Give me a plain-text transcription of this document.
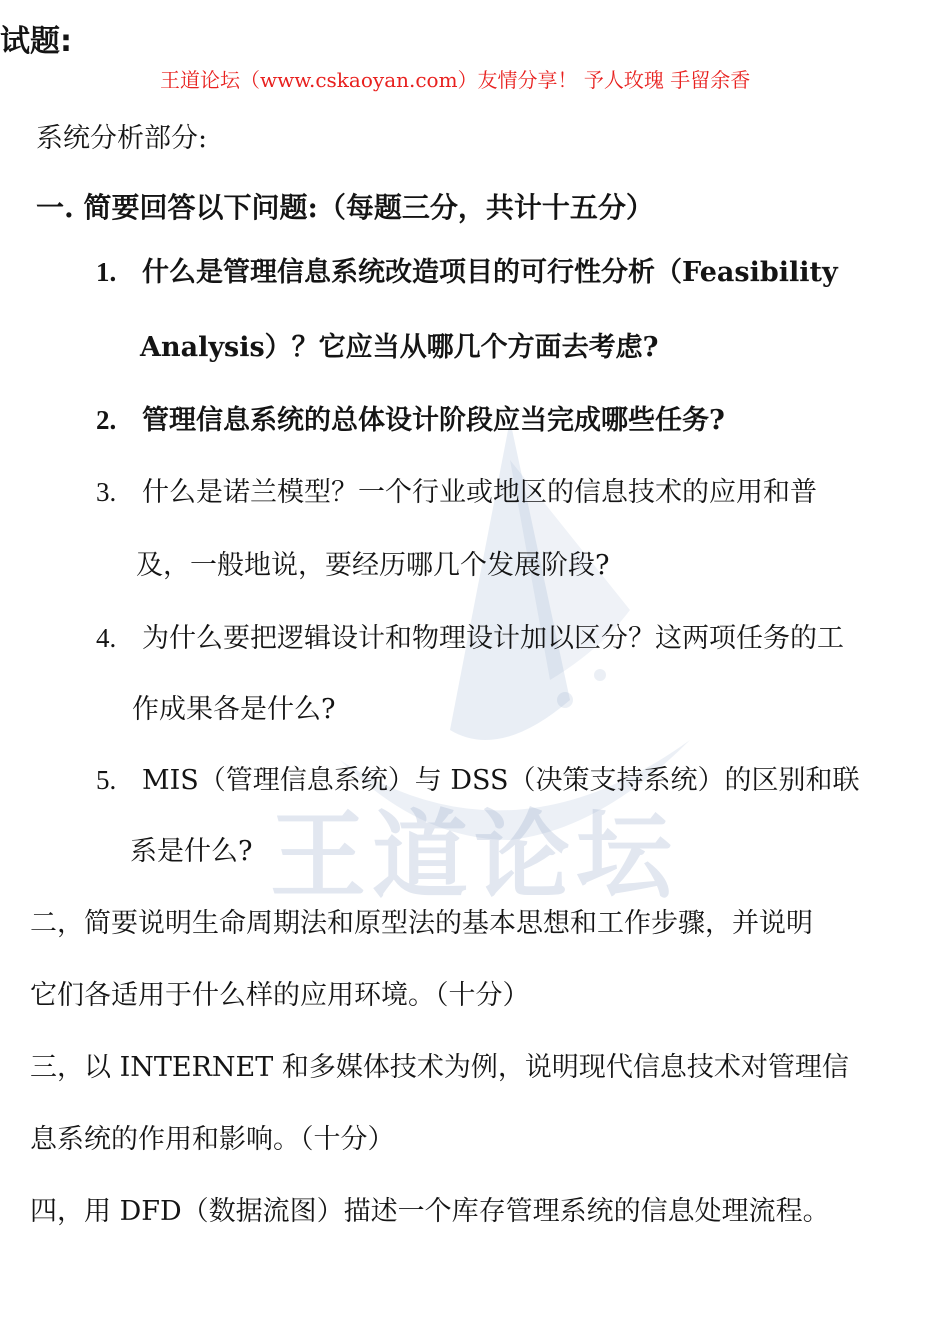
王道论坛
试题:
王道论坛（www.cskaoyan.com）友情分享！ 予人玫瑰 手留余香
系统分析部分:
一. 简要回答以下问题:（每题三分，共计十五分）
1. 什么是管理信息系统改造项目的可行性分析（Feasibility
Analysis）？它应当从哪几个方面去考虑?
2. 管理信息系统的总体设计阶段应当完成哪些任务?
3. 什么是诺兰模型？一个行业或地区的信息技术的应用和普
及，一般地说，要经历哪几个发展阶段?
4. 为什么要把逻辑设计和物理设计加以区分？这两项任务的工
作成果各是什么?
5. MIS（管理信息系统）与 DSS（决策支持系统）的区别和联
系是什么?
二，简要说明生命周期法和原型法的基本思想和工作步骤，并说明
它们各适用于什么样的应用环境。（十分）
三，以 INTERNET 和多媒体技术为例，说明现代信息技术对管理信
息系统的作用和影响。（十分）
四，用 DFD（数据流图）描述一个库存管理系统的信息处理流程。
